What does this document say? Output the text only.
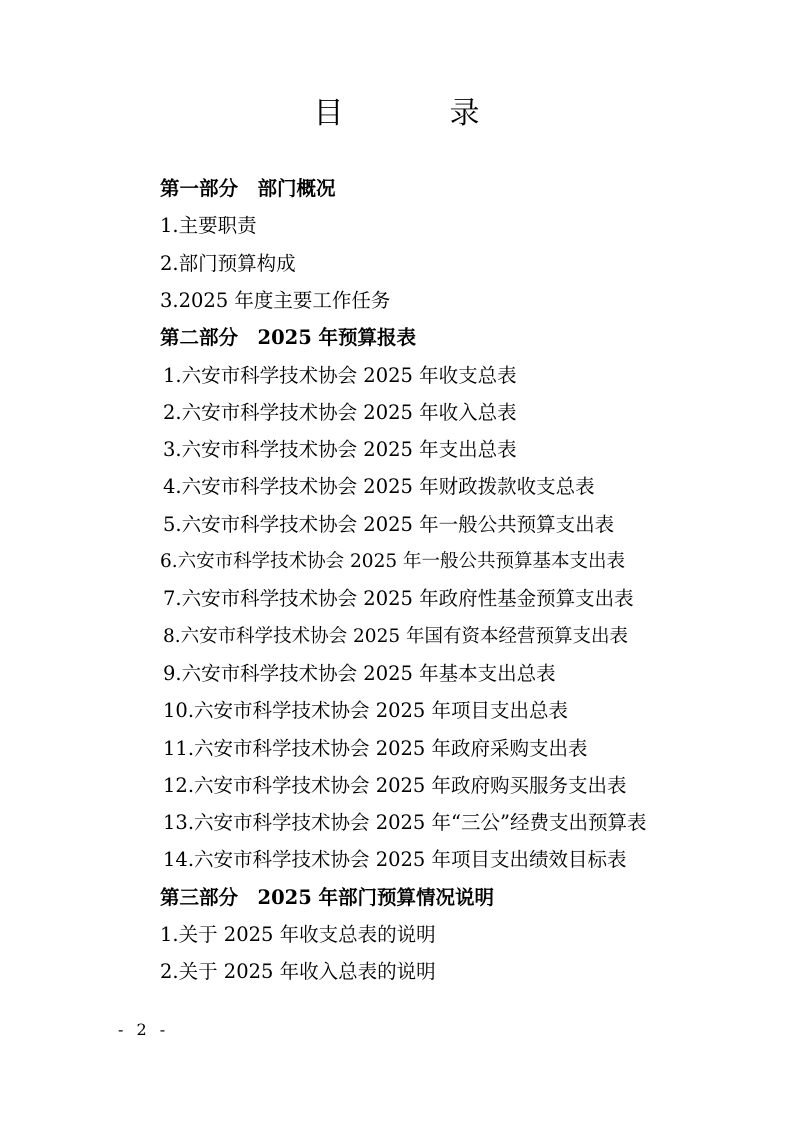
目　录
第一部分　部门概况
1.主要职责
2.部门预算构成
3.2025 年度主要工作任务
第二部分　2025 年预算报表
1.六安市科学技术协会 2025 年收支总表
2.六安市科学技术协会 2025 年收入总表
3.六安市科学技术协会 2025 年支出总表
4.六安市科学技术协会 2025 年财政拨款收支总表
5.六安市科学技术协会 2025 年一般公共预算支出表
6.六安市科学技术协会 2025 年一般公共预算基本支出表
7.六安市科学技术协会 2025 年政府性基金预算支出表
8.六安市科学技术协会 2025 年国有资本经营预算支出表
9.六安市科学技术协会 2025 年基本支出总表
10.六安市科学技术协会 2025 年项目支出总表
11.六安市科学技术协会 2025 年政府采购支出表
12.六安市科学技术协会 2025 年政府购买服务支出表
13.六安市科学技术协会 2025 年“三公”经费支出预算表
14.六安市科学技术协会 2025 年项目支出绩效目标表
第三部分　2025 年部门预算情况说明
1.关于 2025 年收支总表的说明
2.关于 2025 年收入总表的说明
- 2 -
